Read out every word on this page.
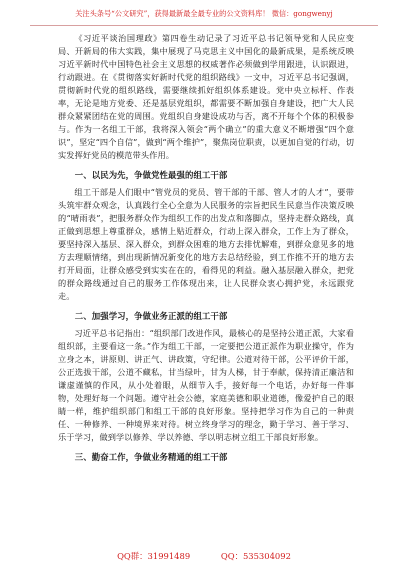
关注头条号“公文研究”，获得最新最全最专业的公文资料库！ 微信：gongwenyj

《习近平谈治国理政》第四卷生动记录了习近平总书记领导党和人民应变局、开新局的伟大实践，集中展现了马克思主义中国化的最新成果，是系统反映习近平新时代中国特色社会主义思想的权威著作必须做到学用跟进，认识跟进，行动跟进。在《贯彻落实好新时代党的组织路线》一文中，习近平总书记强调，贯彻新时代党的组织路线，需要继续抓好组织体系建设。党中央立标杆、作表率，无论是地方党委、还是基层党组织，都需要不断加强自身建设，把广大人民群众紧紧团结在党的周围。党组织自身建设成功与否，离不开每个个体的积极参与。作为一名组工干部，我将深入领会“两个确立”的重大意义不断增强“四个意识”，坚定“四个自信”，做到“两个维护”，聚焦岗位职责，以更加自觉的行动，切实发挥好党员的模范带头作用。

一、以民为先，争做党性最强的组工干部

组工干部是人们眼中“管党员的党员、管干部的干部、管人才的人才”，要带头筑牢群众观念，认真践行全心全意为人民服务的宗旨把民生民意当作决策反映的“晴雨表”，把服务群众作为组织工作的出发点和落脚点，坚持走群众路线，真正做到思想上尊重群众，感情上贴近群众，行动上深入群众，工作上为了群众，要坚持深入基层、深入群众，到群众困难的地方去排忧解难，到群众意见多的地方去理顺情绪，到出现新情况新变化的地方去总结经验，到工作推不开的地方去打开局面，让群众感受到实实在在的，看得见的利益。融入基层融入群众，把党的群众路线通过自己的服务工作体现出来，让人民群众衷心拥护党，永远跟党走。

二、加强学习，争做业务正派的组工干部

习近平总书记指出：“组织部门改进作风，最核心的是坚持公道正派，大家看组织部，主要看这一条。”作为组工干部，一定要把公道正派作为职业操守，作为立身之本，讲原则、讲正气、讲政策，守纪律。公道对待干部，公平评价干部，公正选拔干部，公道不藏私，甘当绿叶，甘为人梯，甘于奉献，保持清正廉洁和谦虚谨慎的作风，从小处着眼，从细节入手，接好每一个电话，办好每一件事物，处理好每一个问题。遵守社会公德，家庭美德和职业道德，像爱护自己的眼睛一样，维护组织部门和组工干部的良好形象。坚持把学习作为自己的一种责任、一种修养、一种境界来对待。树立终身学习的理念，勤于学习、善于学习、乐于学习，做到学以修养、学以养德、学以明志树立组工干部良好形象。

三、勤奋工作，争做业务精通的组工干部
QQ群：31991489	QQ：535304092
